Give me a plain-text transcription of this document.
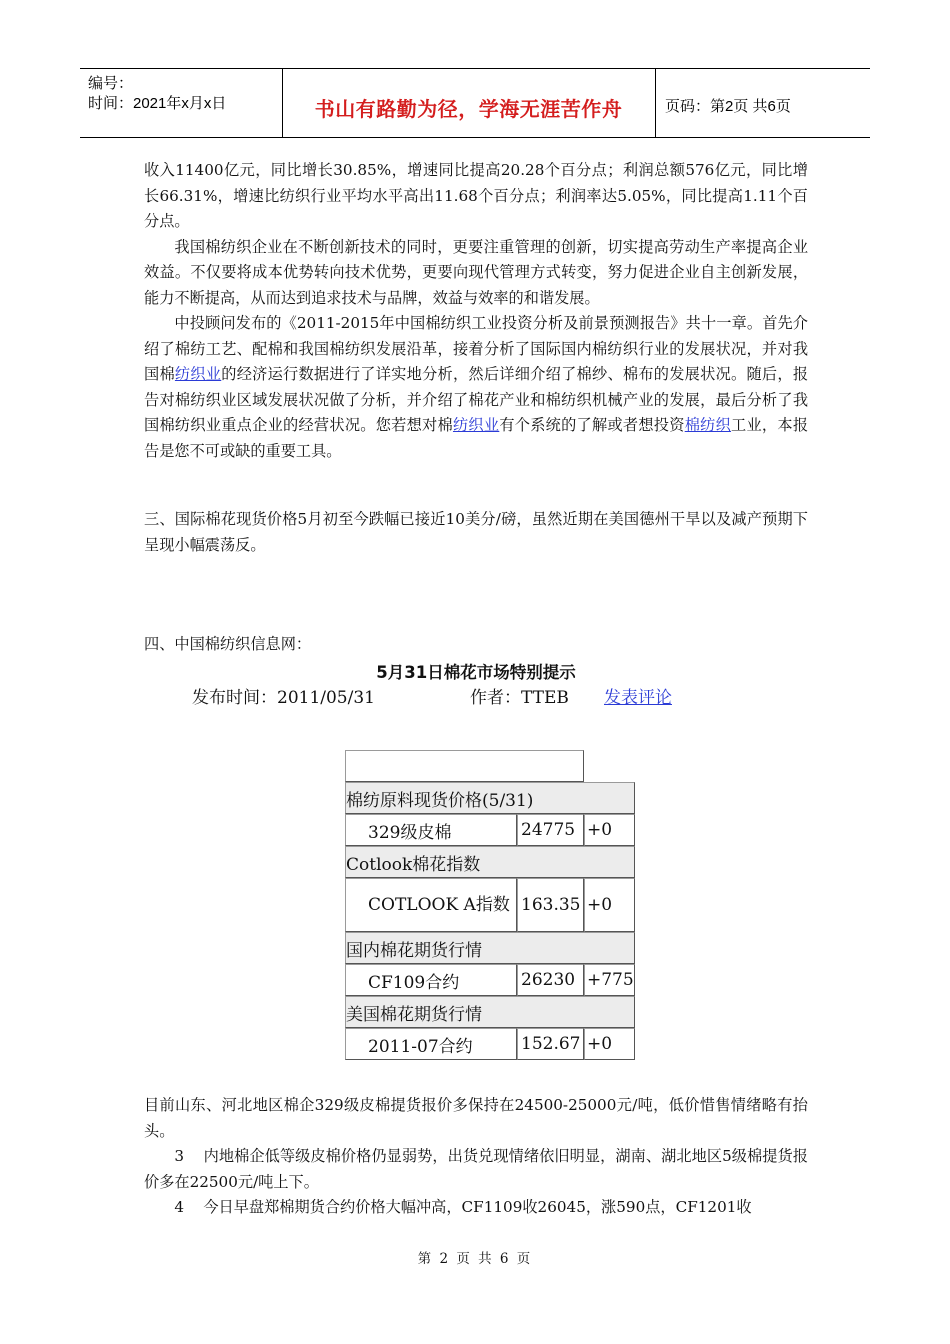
编号：
时间：2021年x月x日	书山有路勤为径，学海无涯苦作舟	页码：第2页 共6页

收入11400亿元，同比增长30.85%，增速同比提高20.28个百分点；利润总额576亿元，同比增长66.31%，增速比纺织行业平均水平高出11.68个百分点；利润率达5.05%，同比提高1.11个百分点。

我国棉纺织企业在不断创新技术的同时，更要注重管理的创新，切实提高劳动生产率提高企业效益。不仅要将成本优势转向技术优势，更要向现代管理方式转变，努力促进企业自主创新发展，能力不断提高，从而达到追求技术与品牌，效益与效率的和谐发展。

中投顾问发布的《2011-2015年中国棉纺织工业投资分析及前景预测报告》共十一章。首先介绍了棉纺工艺、配棉和我国棉纺织发展沿革，接着分析了国际国内棉纺织行业的发展状况，并对我国棉纺织业的经济运行数据进行了详实地分析，然后详细介绍了棉纱、棉布的发展状况。随后，报告对棉纺织业区域发展状况做了分析，并介绍了棉花产业和棉纺织机械产业的发展，最后分析了我国棉纺织业重点企业的经营状况。您若想对棉纺织业有个系统的了解或者想投资棉纺织工业，本报告是您不可或缺的重要工具。

三、国际棉花现货价格5月初至今跌幅已接近10美分/磅，虽然近期在美国德州干旱以及减产预期下呈现小幅震荡反。

四、中国棉纺织信息网：

5月31日棉花市场特别提示
发布时间：2011/05/31	作者：TTEB 发表评论

棉纺原料现货价格(5/31)		
329级皮棉	24775	+0
Cotlook棉花指数		
COTLOOK A指数	163.35	+0
国内棉花期货行情		
CF109合约	26230	+775
美国棉花期货行情		
2011-07合约	152.67	+0

目前山东、河北地区棉企329级皮棉提货报价多保持在24500-25000元/吨，低价惜售情绪略有抬头。

3    内地棉企低等级皮棉价格仍显弱势，出货兑现情绪依旧明显，湖南、湖北地区5级棉提货报价多在22500元/吨上下。

4    今日早盘郑棉期货合约价格大幅冲高，CF1109收26045，涨590点，CF1201收

第 2 页 共 6 页
